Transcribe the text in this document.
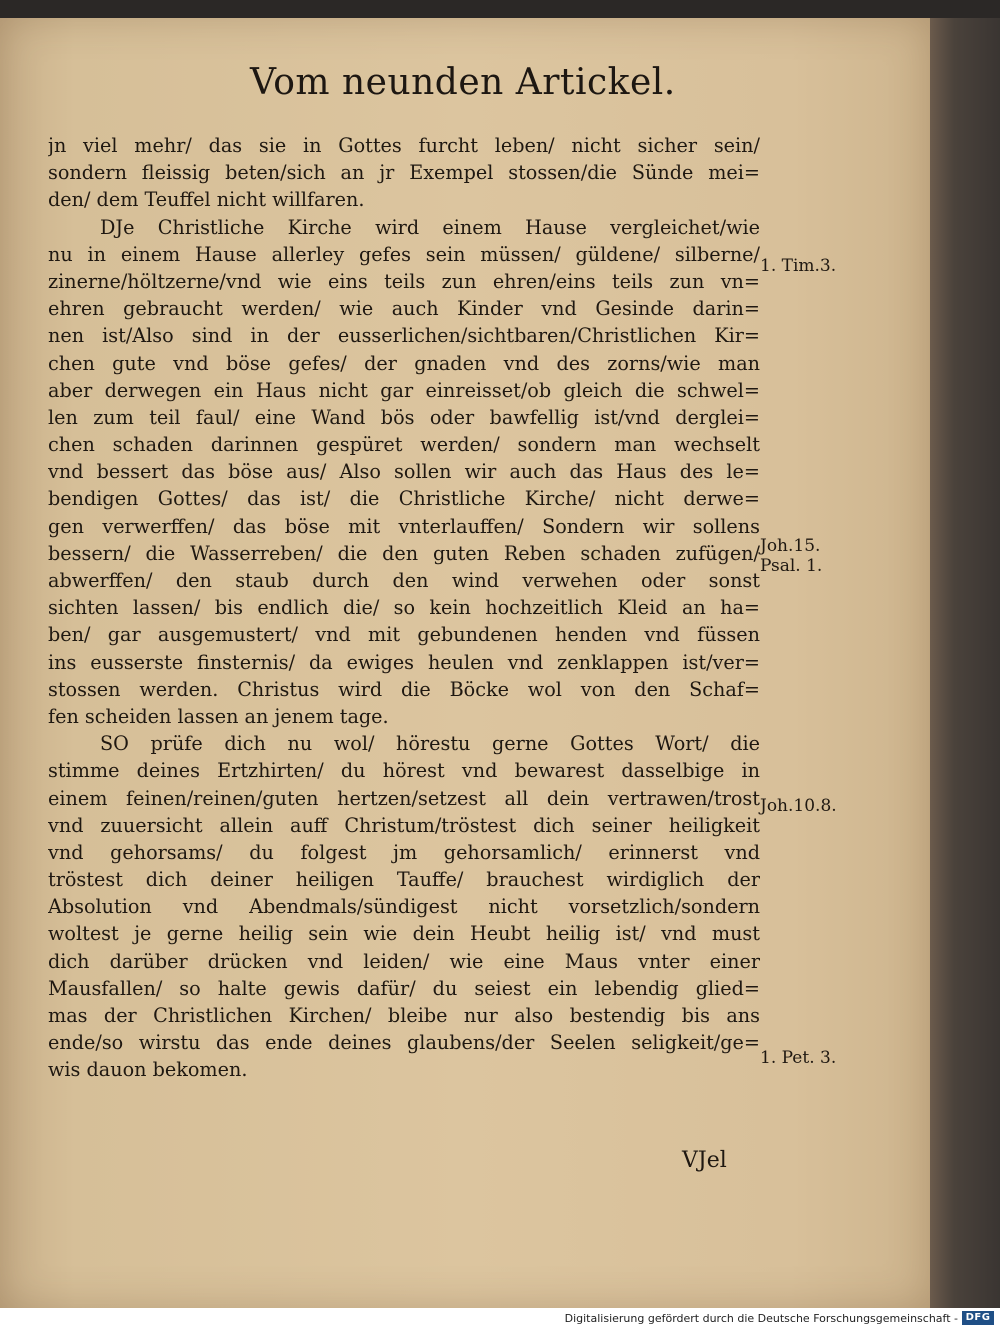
Vom neunden Artickel.
jn viel mehr/ das sie in Gottes furcht leben/ nicht sicher sein/
sondern fleissig beten/sich an jr Exempel stossen/die Sünde mei=
den/ dem Teuffel nicht willfaren.
DJe Christliche Kirche wird einem Hause vergleichet/wie
nu in einem Hause allerley gefes sein müssen/ güldene/ silberne/
zinerne/höltzerne/vnd wie eins teils zun ehren/eins teils zun vn=
ehren gebraucht werden/ wie auch Kinder vnd Gesinde darin=
nen ist/Also sind in der eusserlichen/sichtbaren/Christlichen Kir=
chen gute vnd böse gefes/ der gnaden vnd des zorns/wie man
aber derwegen ein Haus nicht gar einreisset/ob gleich die schwel=
len zum teil faul/ eine Wand bös oder bawfellig ist/vnd derglei=
chen schaden darinnen gespüret werden/ sondern man wechselt
vnd bessert das böse aus/ Also sollen wir auch das Haus des le=
bendigen Gottes/ das ist/ die Christliche Kirche/ nicht derwe=
gen verwerffen/ das böse mit vnterlauffen/ Sondern wir sollens
bessern/ die Wasserreben/ die den guten Reben schaden zufügen/
abwerffen/ den staub durch den wind verwehen oder sonst
sichten lassen/ bis endlich die/ so kein hochzeitlich Kleid an ha=
ben/ gar ausgemustert/ vnd mit gebundenen henden vnd füssen
ins eusserste finsternis/ da ewiges heulen vnd zenklappen ist/ver=
stossen werden. Christus wird die Böcke wol von den Schaf=
fen scheiden lassen an jenem tage.
SO prüfe dich nu wol/ hörestu gerne Gottes Wort/ die
stimme deines Ertzhirten/ du hörest vnd bewarest dasselbige in
einem feinen/reinen/guten hertzen/setzest all dein vertrawen/trost
vnd zuuersicht allein auff Christum/tröstest dich seiner heiligkeit
vnd gehorsams/ du folgest jm gehorsamlich/ erinnerst vnd
tröstest dich deiner heiligen Tauffe/ brauchest wirdiglich der
Absolution vnd Abendmals/sündigest nicht vorsetzlich/sondern
woltest je gerne heilig sein wie dein Heubt heilig ist/ vnd must
dich darüber drücken vnd leiden/ wie eine Maus vnter einer
Mausfallen/ so halte gewis dafür/ du seiest ein lebendig glied=
mas der Christlichen Kirchen/ bleibe nur also bestendig bis ans
ende/so wirstu das ende deines glaubens/der Seelen seligkeit/ge=
wis dauon bekomen.
1. Tim.3.
Joh.15.
Psal. 1.
Joh.10.8.
1. Pet. 3.
VJel
Digitalisierung gefördert durch die Deutsche Forschungsgemeinschaft - DFG
